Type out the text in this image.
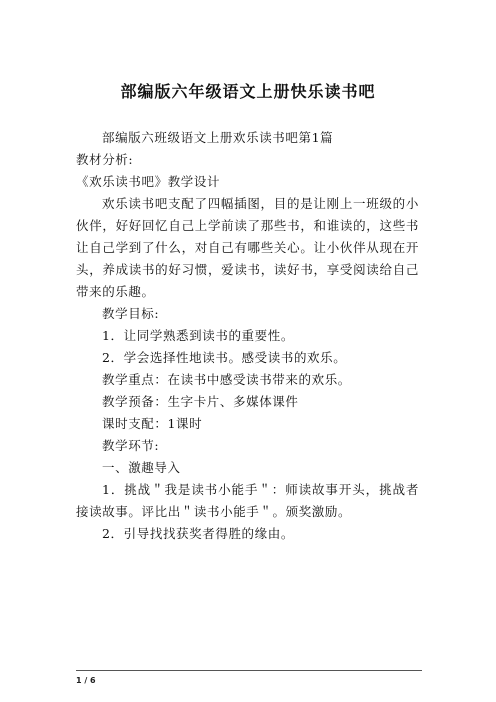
部编版六年级语文上册快乐读书吧

部编版六班级语文上册欢乐读书吧第1篇

教材分析:

《欢乐读书吧》教学设计

欢乐读书吧支配了四幅插图，目的是让刚上一班级的小伙伴，好好回忆自己上学前读了那些书，和谁读的，这些书让自己学到了什么，对自己有哪些关心。让小伙伴从现在开头，养成读书的好习惯，爱读书，读好书，享受阅读给自己带来的乐趣。

教学目标:

1．让同学熟悉到读书的重要性。

2．学会选择性地读书。感受读书的欢乐。

教学重点：在读书中感受读书带来的欢乐。

教学预备：生字卡片、多媒体课件

课时支配：1课时

教学环节:

一、激趣导入

1．挑战＂我是读书小能手＂：师读故事开头，挑战者接读故事。评比出＂读书小能手＂。颁奖激励。

2．引导找找获奖者得胜的缘由。

1 / 6
